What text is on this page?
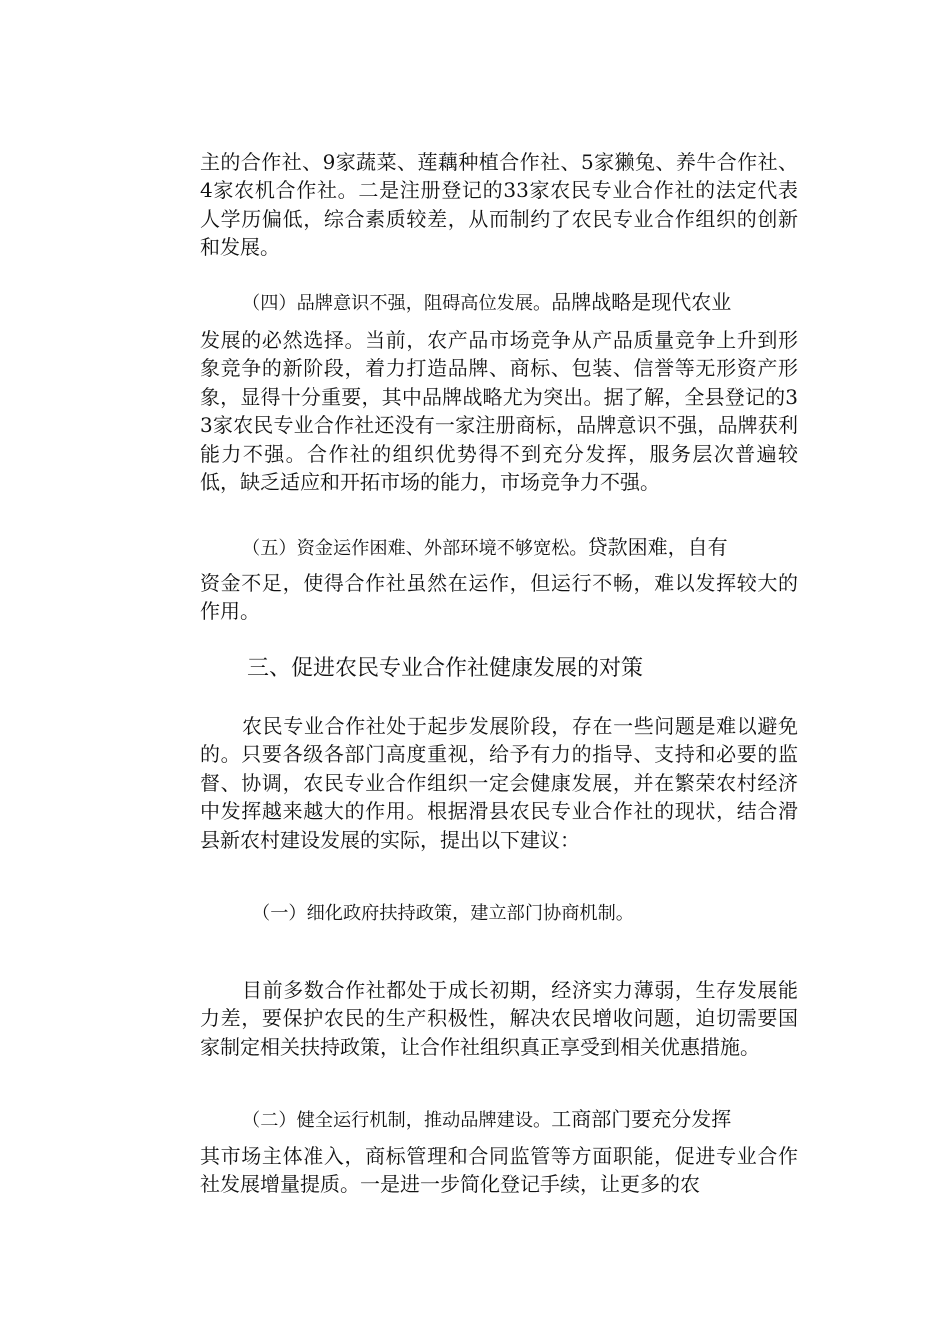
主的合作社、9家蔬菜、莲藕种植合作社、5家獭兔、养牛合作社、4家农机合作社。二是注册登记的33家农民专业合作社的法定代表人学历偏低，综合素质较差，从而制约了农民专业合作组织的创新和发展。

（四）品牌意识不强，阻碍高位发展。品牌战略是现代农业

发展的必然选择。当前，农产品市场竞争从产品质量竞争上升到形象竞争的新阶段，着力打造品牌、商标、包装、信誉等无形资产形象，显得十分重要，其中品牌战略尤为突出。据了解，全县登记的33家农民专业合作社还没有一家注册商标，品牌意识不强，品牌获利能力不强。合作社的组织优势得不到充分发挥，服务层次普遍较低，缺乏适应和开拓市场的能力，市场竞争力不强。

（五）资金运作困难、外部环境不够宽松。贷款困难，自有

资金不足，使得合作社虽然在运作，但运行不畅，难以发挥较大的作用。

三、促进农民专业合作社健康发展的对策

农民专业合作社处于起步发展阶段，存在一些问题是难以避免的。只要各级各部门高度重视，给予有力的指导、支持和必要的监督、协调，农民专业合作组织一定会健康发展，并在繁荣农村经济中发挥越来越大的作用。根据滑县农民专业合作社的现状，结合滑县新农村建设发展的实际，提出以下建议：

（一）细化政府扶持政策，建立部门协商机制。

目前多数合作社都处于成长初期，经济实力薄弱，生存发展能力差，要保护农民的生产积极性，解决农民增收问题，迫切需要国家制定相关扶持政策，让合作社组织真正享受到相关优惠措施。

（二）健全运行机制，推动品牌建设。工商部门要充分发挥

其市场主体准入，商标管理和合同监管等方面职能，促进专业合作社发展增量提质。一是进一步简化登记手续，让更多的农
